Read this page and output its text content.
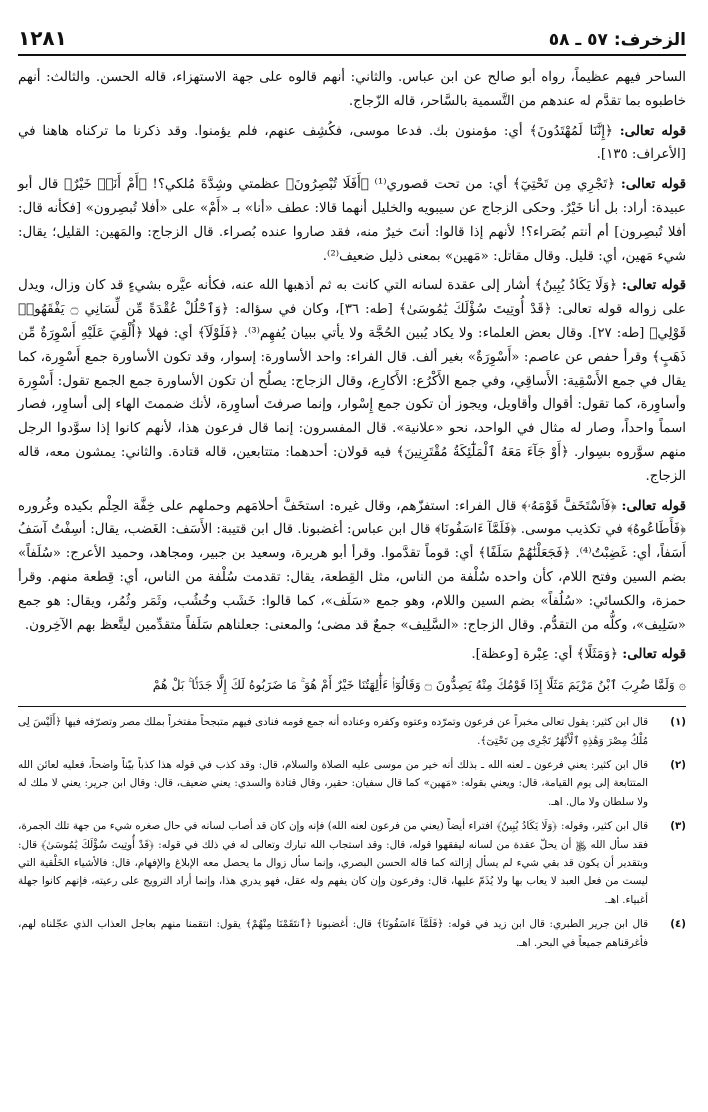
الزخرف: ٥٧ ـ ٥٨
١٢٨١

الساحر فيهم عظيماً، رواه أبو صالح عن ابن عباس. والثاني: أنهم قالوه على جهة الاستهزاء، قاله الحسن. والثالث: أنهم خاطبوه بما تقدَّم له عندهم من التَّسمية بالسَّاحر، قاله الزّجاج.

قوله تعالى: ﴿إِنَّنَا لَمُهْتَدُونَ﴾ أي: مؤمنون بك. فدعا موسى، فكُشِف عنهم، فلم يؤمنوا. وقد ذكرنا ما تركناه هاهنا في [الأعراف: ١٣٥].

قوله تعالى: ﴿تَجْرِي مِن تَحْتِيٓ﴾ أي: من تحت قصوري⁽¹⁾ ﴿أَفَلَا تُبْصِرُونَ﴾ عظمتي وشِدَّةَ مُلكي؟! ﴿أَمْ أَنَا۠ خَيْرٌ﴾ قال أبو عبيدة: أراد: بل أنا خَيْرٌ. وحكى الزجاج عن سيبويه والخليل أنهما قالا: عطف «أنا» بـ «أَمْ» على «أفلا تُبصِرون» [فكأنه قال: أفلا تُبصِرون] أم أنتم بُصَراء؟! لأنهم إذا قالوا: أنتَ خيرٌ منه، فقد صاروا عنده بُصراء. قال الزجاج: والمَهين: القليل؛ يقال: شيء مَهين، أي: قليل. وقال مقاتل: «مَهين» بمعنى ذليل ضعيف⁽²⁾.

قوله تعالى: ﴿وَلَا يَكَادُ يُبِينُ﴾ أشار إلى عقدة لسانه التي كانت به ثم أذهبها الله عنه، فكأنه عيَّره بشيءٍ قد كان وزال، ويدل على زواله قوله تعالى: ﴿قَدْ أُوتِيتَ سُؤْلَكَ يَٰمُوسَىٰ﴾ [طه: ٣٦]، وكان في سؤاله: ﴿وَٱحْلُلْ عُقْدَةً مِّن لِّسَانِي ۝ يَفْقَهُوا۟ قَوْلِي﴾ [طه: ٢٧]. وقال بعض العلماء: ولا يكاد يُبين الحُجَّة ولا يأتي ببيان يُفهِم⁽³⁾. ﴿فَلَوْلَآ﴾ أي: فهلا ﴿أُلْقِيَ عَلَيْهِ أَسْوِرَةٌ مِّن ذَهَبٍ﴾ وقرأ حفص عن عاصم: «أَسْوِرَةٌ» بغير ألف. قال الفراء: واحد الأساورة: إسوار، وقد تكون الأساورة جمع أَسْوِرة، كما يقال في جمع الأَسْقِية: الأَساقِي، وفي جمع الأَكْرُع: الأَكارِع، وقال الزجاج: يصلُح أن تكون الأساورة جمع الجمع تقول: أَسْوِرة وأساوِرة، كما تقول: أقوال وأقاويل، ويجوز أن تكون جمع إِسْوار، وإنما صرفتَ أساوِرة، لأنك ضممتَ الهاء إلى أساوِر، فصار اسماً واحداً، وصار له مثال في الواحد، نحو «علانية». قال المفسرون: إنما قال فرعون هذا، لأنهم كانوا إذا سوَّدوا الرجل منهم سوَّروه بسِوار. ﴿أَوْ جَآءَ مَعَهُ ٱلْمَلَٰٓئِكَةُ مُقْتَرِنِينَ﴾ فيه قولان: أحدهما: متتابعين، قاله قتادة. والثاني: يمشون معه، قاله الزجاج.

قوله تعالى: ﴿فَٱسْتَخَفَّ قَوْمَهُۥ﴾ قال الفراء: استفزّهم، وقال غيره: استخَفَّ أحلامَهم وحملهم على خِفَّة الحِلْم بكيده وغُروره ﴿فَأَطَاعُوهُ﴾ في تكذيب موسى. ﴿فَلَمَّآ ءَاسَفُونَا﴾ قال ابن عباس: أغضبونا. قال ابن قتيبة: الأَسَف: الغَضب، يقال: أسِفْتُ آسَفُ أَسَفاً، أي: غَضِبْتُ⁽⁴⁾. ﴿فَجَعَلْنَٰهُمْ سَلَفًا﴾ أي: قوماً تقدَّموا. وقرأ أبو هريرة، وسعيد بن جبير، ومجاهد، وحميد الأعرج: «سُلَفاً» بضم السين وفتح اللام، كأن واحده سُلْفة من الناس، مثل القِطعة، يقال: تقدمت سُلْفة من الناس، أي: قِطعة منهم. وقرأ حمزة، والكسائي: «سُلُفاً» بضم السين واللام، وهو جمع «سَلَف»، كما قالوا: خَشَب وخُشُب، وثَمَر وثُمُر، ويقال: هو جمع «سَلِيف»، وكلُّه من التقدُّم. وقال الزجاج: «السَّلِيف» جمعٌ قد مضى؛ والمعنى: جعلناهم سَلَفاً متقدِّمين ليتَّعظ بهم الآخِرون.

قوله تعالى: ﴿وَمَثَلًا﴾ أي: عِبْرة [وعظة].

۞ وَلَمَّا ضُرِبَ ٱبْنُ مَرْيَمَ مَثَلًا إِذَا قَوْمُكَ مِنْهُ يَصِدُّونَ ۝ وَقَالُوٓا۟ ءَأَٰلِهَتُنَا خَيْرٌ أَمْ هُوَ ۚ مَا ضَرَبُوهُ لَكَ إِلَّا جَدَلًۢا ۚ بَلْ هُمْ

(١)
قال ابن كثير: يقول تعالى مخبراً عن فرعون وتمرّده وعتوه وكفره وعناده أنه جمع قومه فنادى فيهم متبجحاً مفتخراً بملك مصر وتصرّفه فيها ﴿أَلَيْسَ لِى مُلْكُ مِصْرَ وَهَٰذِهِ ٱلْأَنْهَٰرُ تَجْرِى مِن تَحْتِىٓ﴾.
(٢)
قال ابن كثير: يعني فرعون ـ لعنه الله ـ بذلك أنه خير من موسى عليه الصلاة والسلام، قال: وقد كذب في قوله هذا كذباً بيّناً واضحاً، فعليه لعائن الله المتتابعة إلى يوم القيامة، قال: ويعني بقوله: «مَهين» كما قال سفيان: حقير، وقال قتادة والسدي: يعني ضعيف، قال: وقال ابن جرير: يعني لا ملك له ولا سلطان ولا مال. اهـ.
(٣)
قال ابن كثير، وقوله: ﴿وَلَا يَكَادُ يُبِينُ﴾ افتراء أيضاً (يعني من فرعون لعنه الله) فإنه وإن كان قد أصاب لسانه في حال صغره شيء من جهة تلك الجمرة، فقد سأل الله ﷿ أن يحلّ عقدة من لسانه ليفقهوا قوله، قال: وقد استجاب الله تبارك وتعالى له في ذلك في قوله: ﴿قَدْ أُوتِيتَ سُؤْلَكَ يَٰمُوسَىٰ﴾ قال: وبتقدير أن يكون قد بقي شيء لم يسأل إزالته كما قاله الحسن البصري، وإنما سأل زوال ما يحصل معه الإبلاغ والإفهام، قال: فالأشياء الخَلْقية التي ليست من فعل العبد لا يعاب بها ولا يُذَمّ عليها، قال: وفرعون وإن كان يفهم وله عقل، فهو يدري هذا، وإنما أراد الترويج على رعيته، فإنهم كانوا جهلة أغبياء. اهـ.
(٤)
قال ابن جرير الطبري: قال ابن زيد في قوله: ﴿فَلَمَّآ ءَاسَفُونَا﴾ قال: أغضبونا ﴿ٱنتَقَمْنَا مِنْهُمْ﴾ يقول: انتقمنا منهم بعاجل العذاب الذي عجّلناه لهم، فأغرقناهم جميعاً في البحر. اهـ.
